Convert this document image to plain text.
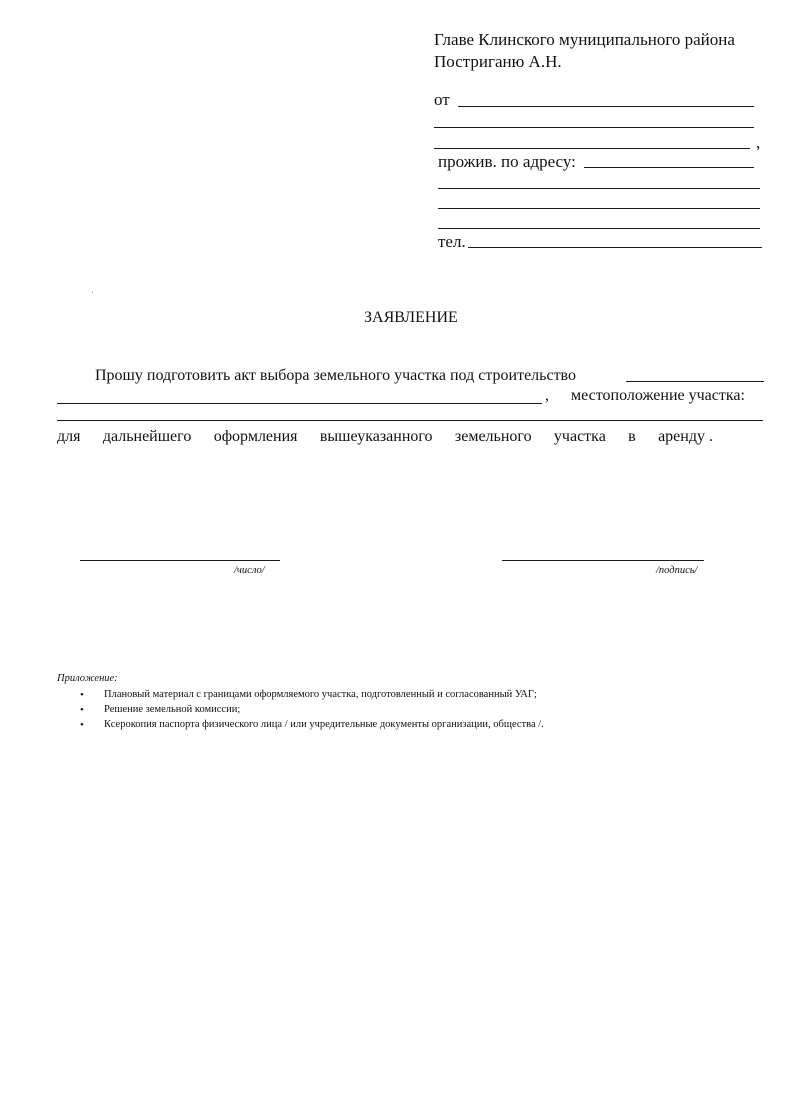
Главе Клинского муниципального района
Постриганю А.Н.
от
,
прожив. по адресу:
тел.
ЗАЯВЛЕНИЕ
Прошу подготовить акт выбора земельного участка под строительство
, местоположение участка:
для дальнейшего оформления вышеуказанного земельного участка в аренду .
/число/	/подпись/
Приложение:
• Плановый материал с границами оформляемого участка, подготовленный и согласованный УАГ;
• Решение земельной комиссии;
• Ксерокопия паспорта физического лица / или учредительные документы организации, общества /.
